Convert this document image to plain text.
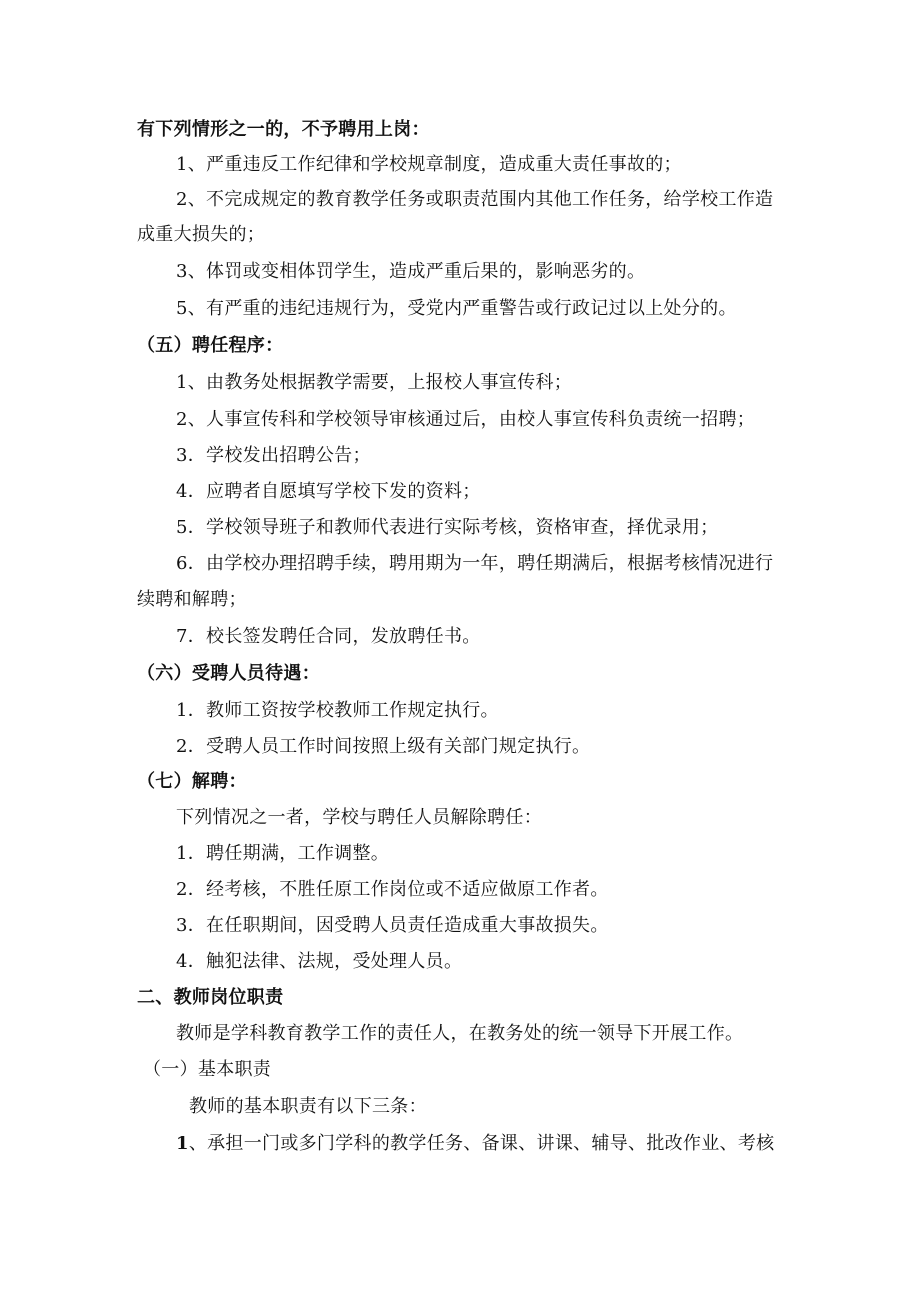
有下列情形之一的，不予聘用上岗：
1、严重违反工作纪律和学校规章制度，造成重大责任事故的；
2、不完成规定的教育教学任务或职责范围内其他工作任务，给学校工作造
成重大损失的；
3、体罚或变相体罚学生，造成严重后果的，影响恶劣的。
5、有严重的违纪违规行为，受党内严重警告或行政记过以上处分的。
（五）聘任程序：
1、由教务处根据教学需要，上报校人事宣传科；
2、人事宣传科和学校领导审核通过后，由校人事宣传科负责统一招聘；
3．学校发出招聘公告；
4．应聘者自愿填写学校下发的资料；
5．学校领导班子和教师代表进行实际考核，资格审查，择优录用；
6．由学校办理招聘手续，聘用期为一年，聘任期满后，根据考核情况进行
续聘和解聘；
7．校长签发聘任合同，发放聘任书。
（六）受聘人员待遇：
1．教师工资按学校教师工作规定执行。
2．受聘人员工作时间按照上级有关部门规定执行。
（七）解聘：
下列情况之一者，学校与聘任人员解除聘任：
1．聘任期满，工作调整。
2．经考核，不胜任原工作岗位或不适应做原工作者。
3．在任职期间，因受聘人员责任造成重大事故损失。
4．触犯法律、法规，受处理人员。
二、教师岗位职责
教师是学科教育教学工作的责任人，在教务处的统一领导下开展工作。
（一）基本职责
教师的基本职责有以下三条：
1、承担一门或多门学科的教学任务、备课、讲课、辅导、批改作业、考核
